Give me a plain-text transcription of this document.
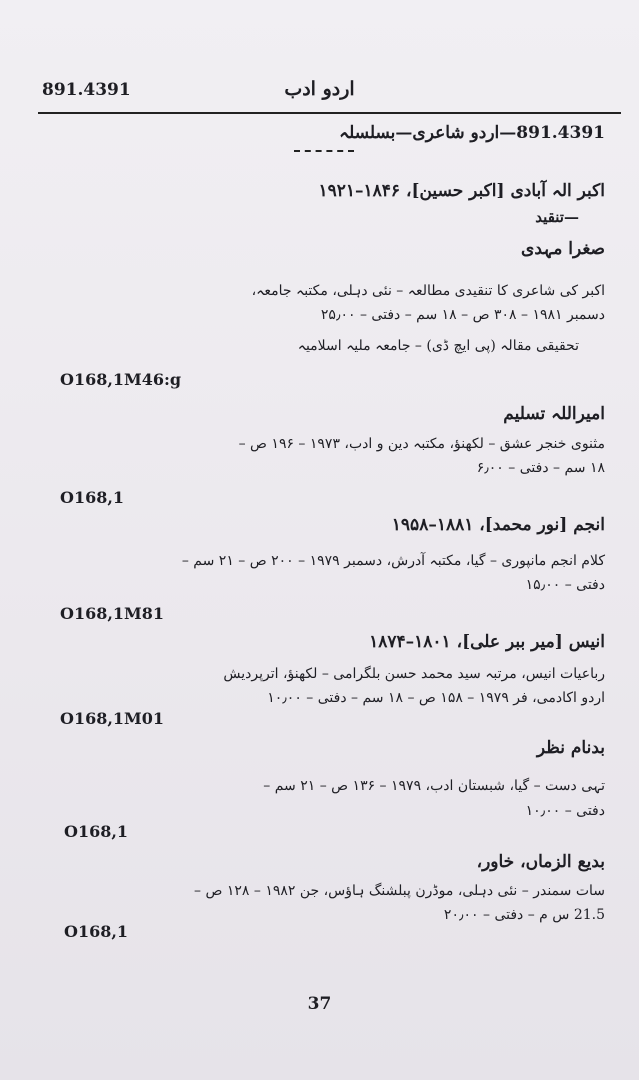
891.4391	اردو ادب
891.4391—اردو شاعری—بسلسلہ
اکبر الہ آبادی [اکبر حسین]، ۱۸۴۶–۱۹۲۱
—تنقید
صغرا مہدی
اکبر کی شاعری کا تنقیدی مطالعہ – نئی دہلی، مکتبہ جامعہ،
دسمبر ۱۹۸۱ – ۳۰۸ ص – ۱۸ سم – دفتی – ۲۵٫۰۰
تحقیقی مقالہ (پی ایچ ڈی) – جامعہ ملیہ اسلامیہ
O168,1M46:g
امیراللہ تسلیم
مثنوی خنجر عشق – لکھنؤ، مکتبہ دین و ادب، ۱۹۷۳ – ۱۹۶ ص –
۱۸ سم – دفتی – ۶٫۰۰
O168,1
انجم [نور محمد]، ۱۸۸۱–۱۹۵۸
کلام انجم مانپوری – گیا، مکتبہ آدرش، دسمبر ۱۹۷۹ – ۲۰۰ ص – ۲۱ سم –
دفتی – ۱۵٫۰۰
O168,1M81
انیس [میر ببر علی]، ۱۸۰۱–۱۸۷۴
رباعیات انیس، مرتبہ سید محمد حسن بلگرامی – لکھنؤ، اترپردیش
اردو اکادمی، فر ۱۹۷۹ – ۱۵۸ ص – ۱۸ سم – دفتی – ۱۰٫۰۰
O168,1M01
بدنام نظر
تہی دست – گیا، شبستان ادب، ۱۹۷۹ – ۱۳۶ ص – ۲۱ سم –
دفتی – ۱۰٫۰۰
O168,1
بدیع الزماں، خاور،
سات سمندر – نئی دہلی، موڈرن پبلشنگ ہاؤس، جن ۱۹۸۲ – ۱۲۸ ص –
21.5 س م – دفتی – ۲۰٫۰۰
O168,1
37
